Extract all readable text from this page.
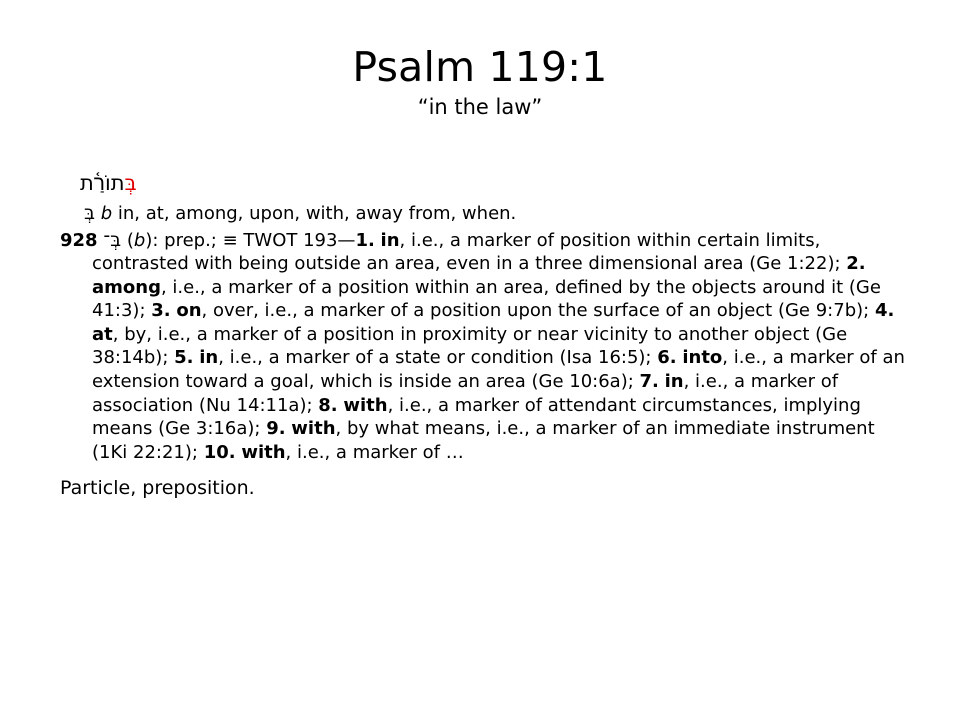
Psalm 119:1
“in the law”
בְּתוֹרַ֫ת
בְּ b in, at, among, upon, with, away from, when.
928 בְּ־ (b): prep.; ≡ TWOT 193—1. in, i.e., a marker of position within certain limits, contrasted with being outside an area, even in a three dimensional area (Ge 1:22); 2. among, i.e., a marker of a position within an area, defined by the objects around it (Ge 41:3); 3. on, over, i.e., a marker of a position upon the surface of an object (Ge 9:7b); 4. at, by, i.e., a marker of a position in proximity or near vicinity to another object (Ge 38:14b); 5. in, i.e., a marker of a state or condition (Isa 16:5); 6. into, i.e., a marker of an extension toward a goal, which is inside an area (Ge 10:6a); 7. in, i.e., a marker of association (Nu 14:11a); 8. with, i.e., a marker of attendant circumstances, implying means (Ge 3:16a); 9. with, by what means, i.e., a marker of an immediate instrument (1Ki 22:21); 10. with, i.e., a marker of …
Particle, preposition.
